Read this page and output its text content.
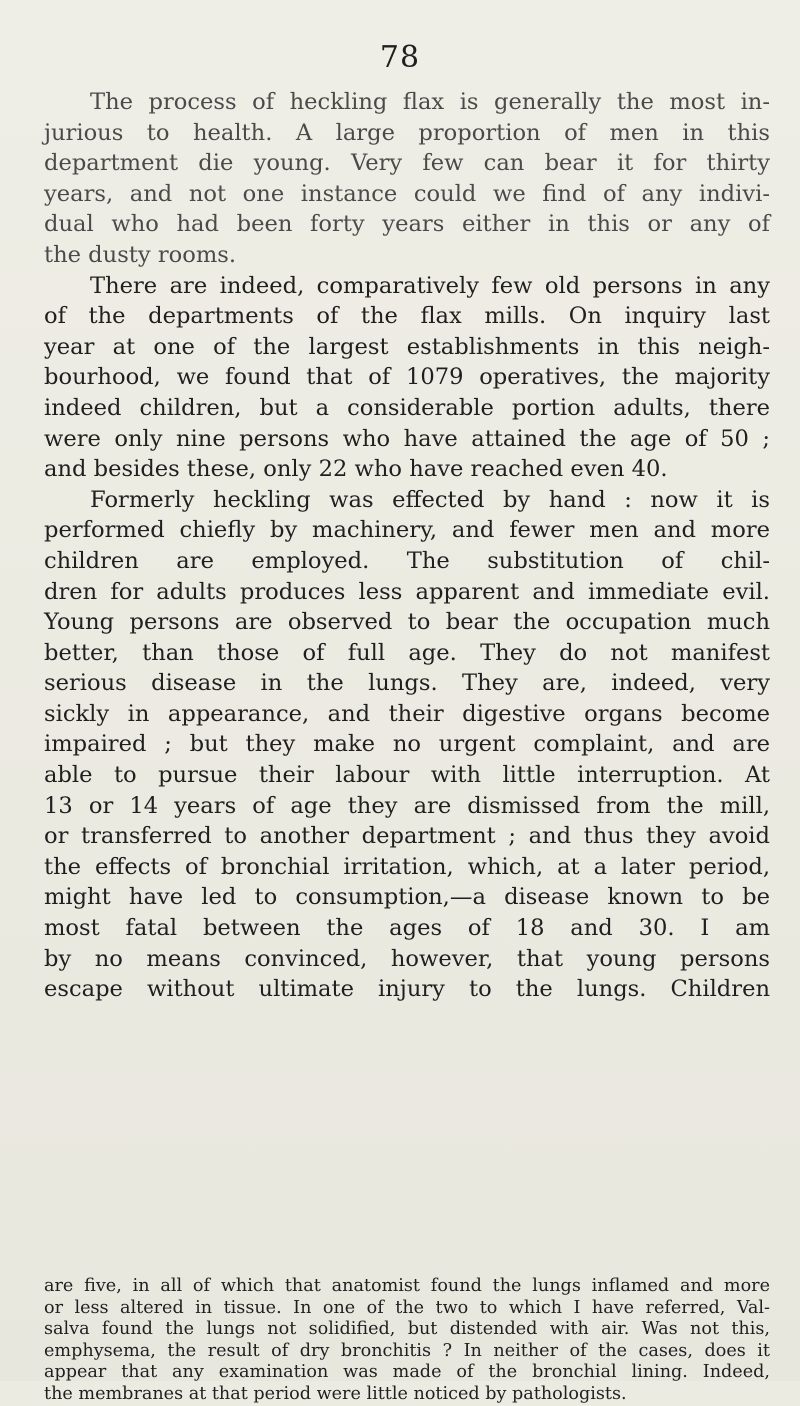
78
The process of heckling flax is generally the most in-
jurious to health. A large proportion of men in this
department die young. Very few can bear it for thirty
years, and not one instance could we find of any indivi-
dual who had been forty years either in this or any of
the dusty rooms.
There are indeed, comparatively few old persons in any
of the departments of the flax mills. On inquiry last
year at one of the largest establishments in this neigh-
bourhood, we found that of 1079 operatives, the majority
indeed children, but a considerable portion adults, there
were only nine persons who have attained the age of 50 ;
and besides these, only 22 who have reached even 40.
Formerly heckling was effected by hand : now it is
performed chiefly by machinery, and fewer men and more
children are employed. The substitution of chil-
dren for adults produces less apparent and immediate evil.
Young persons are observed to bear the occupation much
better, than those of full age. They do not manifest
serious disease in the lungs. They are, indeed, very
sickly in appearance, and their digestive organs become
impaired ; but they make no urgent complaint, and are
able to pursue their labour with little interruption. At
13 or 14 years of age they are dismissed from the mill,
or transferred to another department ; and thus they avoid
the effects of bronchial irritation, which, at a later period,
might have led to consumption,—a disease known to be
most fatal between the ages of 18 and 30. I am
by no means convinced, however, that young persons
escape without ultimate injury to the lungs. Children
are five, in all of which that anatomist found the lungs inflamed and more
or less altered in tissue. In one of the two to which I have referred, Val-
salva found the lungs not solidified, but distended with air. Was not this,
emphysema, the result of dry bronchitis ? In neither of the cases, does it
appear that any examination was made of the bronchial lining. Indeed,
the membranes at that period were little noticed by pathologists.
